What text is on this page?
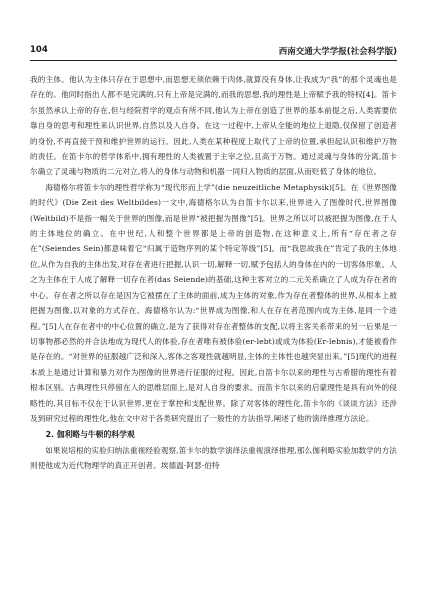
104	西南交通大学学报(社会科学版)

我的主体。他认为主体只存在于思想中,而思想无须依赖于肉体,就算没有身体,让我成为“我”的那个灵魂也是存在的。他同时指出人都不是完满的,只有上帝是完满的,而我的思想,我的理性是上帝赋予我的特权[4]。笛卡尔虽然承认上帝的存在,但与经院哲学的观点有所不同,他认为上帝在创造了世界的基本前提之后,人类需要依靠自身的思考和理性来认识世界,自然以及人自身。在这一过程中,上帝从全能的地位上退隐,仅保留了创造者的身份,不再直接干预和维护世界的运行。因此,人类在某种程度上取代了上帝的位置,承担起认识和维护万物的责任。在笛卡尔的哲学体系中,拥有理性的人类被置于主宰之位,且高于万物。通过灵魂与身体的分离,笛卡尔确立了灵魂与物质的二元对立,将人的身体与动物和机器一同归入物质的层面,从而贬低了身体的地位。

海德格尔将笛卡尔的理性哲学称为“现代形而上学”(die neuzeitliche Metaphysik)[5]。在《世界图像的时代》(Die Zeit des Weltbildes)一文中,海德格尔认为自笛卡尔以来,世界进入了图像时代,世界图像(Weltbild)不是指一幅关于世界的图像,而是世界“被把握为图像”[5]。世界之所以可以被把握为图像,在于人的主体地位的确立。在中世纪,人和整个世界都是上帝的创造物,在这种意义上,所有“存在者之存在”(Seiendes Sein)都意味着它“归属于造物序列的某个特定等级”[5]。而“我思故我在”肯定了我的主体地位,从作为自我的主体出发,对存在者进行把握,认识一切,解释一切,赋予包括人的身体在内的一切客体形象。人之为主体在于人成了解释一切存在者(das Seiende)的基础,这种主客对立的二元关系确立了人成为存在者的中心。存在者之所以存在是因为它被摆在了主体的面前,成为主体的对象,作为存在者整体的世界,从根本上被把握为图像,以对象的方式存在。海德格尔认为:“世界成为图像,和人在存在者范围内成为主体,是同一个进程。”[5]人在存在者中的中心位置的确立,是为了获得对存在者整体的支配,以将主客关系带来的另一后果是一切事物都必然的并合法地成为现代人的体验,存在者唯有被体验(er-lebt)或成为体验(Er-lebnis),才能被看作是存在的。“对世界的征服越广泛和深入,客体之客观性就越明显,主体的主体性也越突显出来。”[5]现代的进程本质上是通过计算和暴力对作为图像的世界进行征服的过程。因此,自笛卡尔以来的理性与古希腊的理性有着根本区别。古典理性只停留在人的思维层面上,是对人自身的要求。而笛卡尔以来的启蒙理性是具有向外的侵略性的,其目标不仅在于认识世界,更在于掌控和支配世界。除了对客体的理性化,笛卡尔的《谈谈方法》还涉及到研究过程的理性化,他在文中对于各类研究提出了一般性的方法指导,阐述了他的演绎推理方法论。

2. 伽利略与牛顿的科学观

如果说培根的实验归纳法重视经验观察,笛卡尔的数学演绎法重视演绎推理,那么伽利略实验加数学的方法则使他成为近代物理学的真正开创者。埃德温·阿瑟·伯特
